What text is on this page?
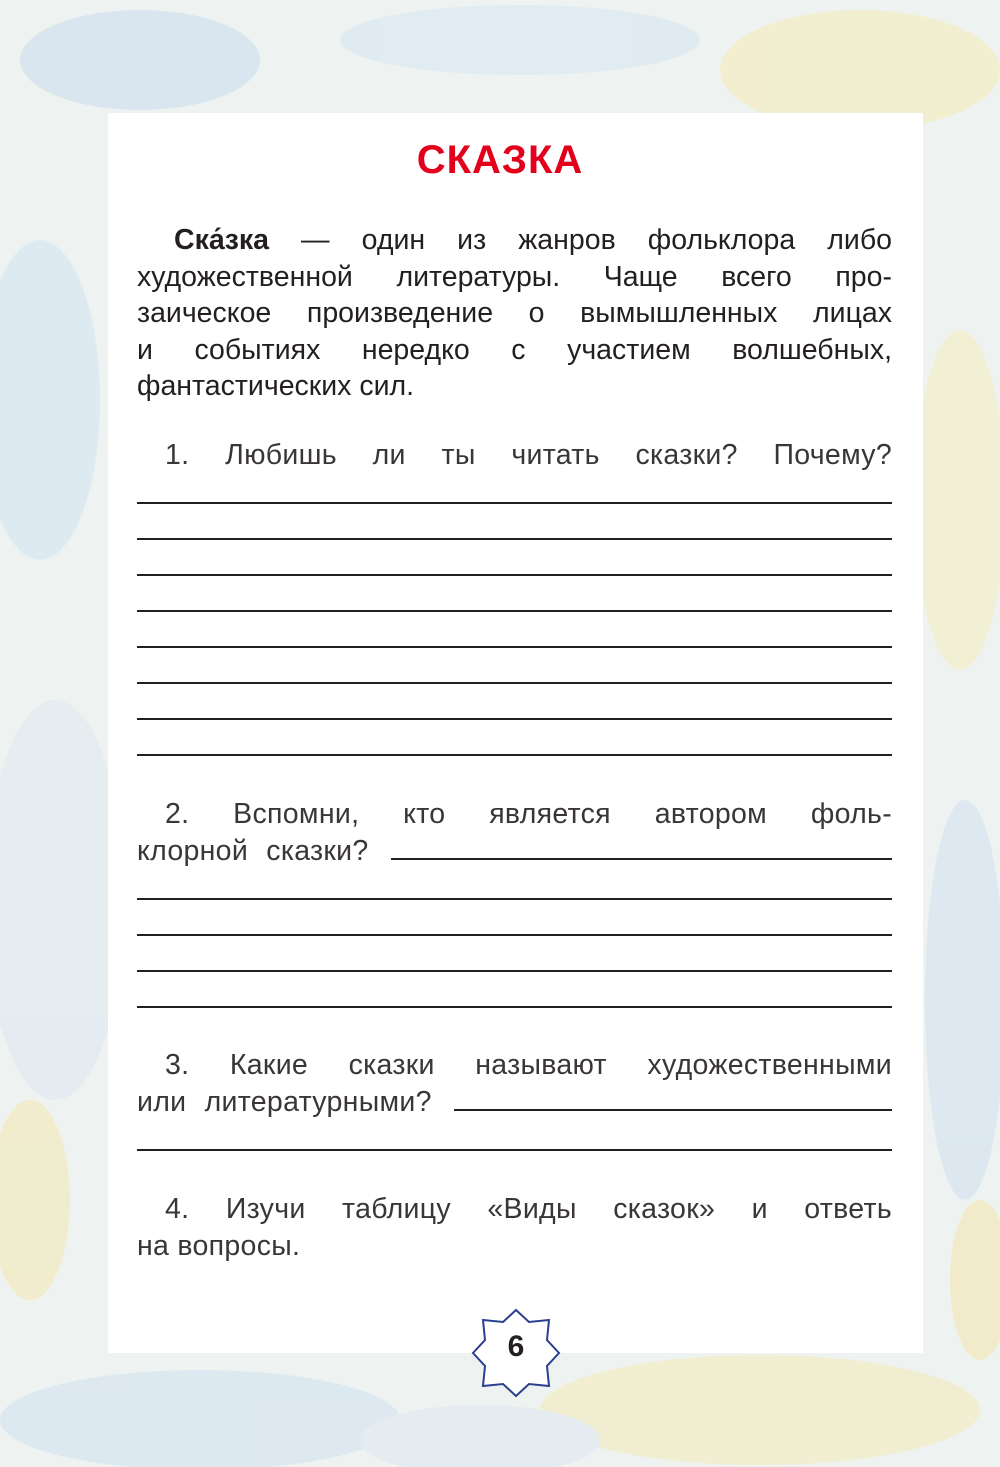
СКАЗКА
Ска́зка — один из жанров фольклора либо
художественной литературы. Чаще всего про-
заическое произведение о вымышленных лицах
и событиях нередко с участием волшебных,
фантастических сил.
1. Любишь ли ты читать сказки? Почему?
2. Вспомни, кто является автором фоль-
клорной сказки?
3. Какие сказки называют художественными
или литературными?
4. Изучи таблицу «Виды сказок» и ответь
на вопросы.
6
